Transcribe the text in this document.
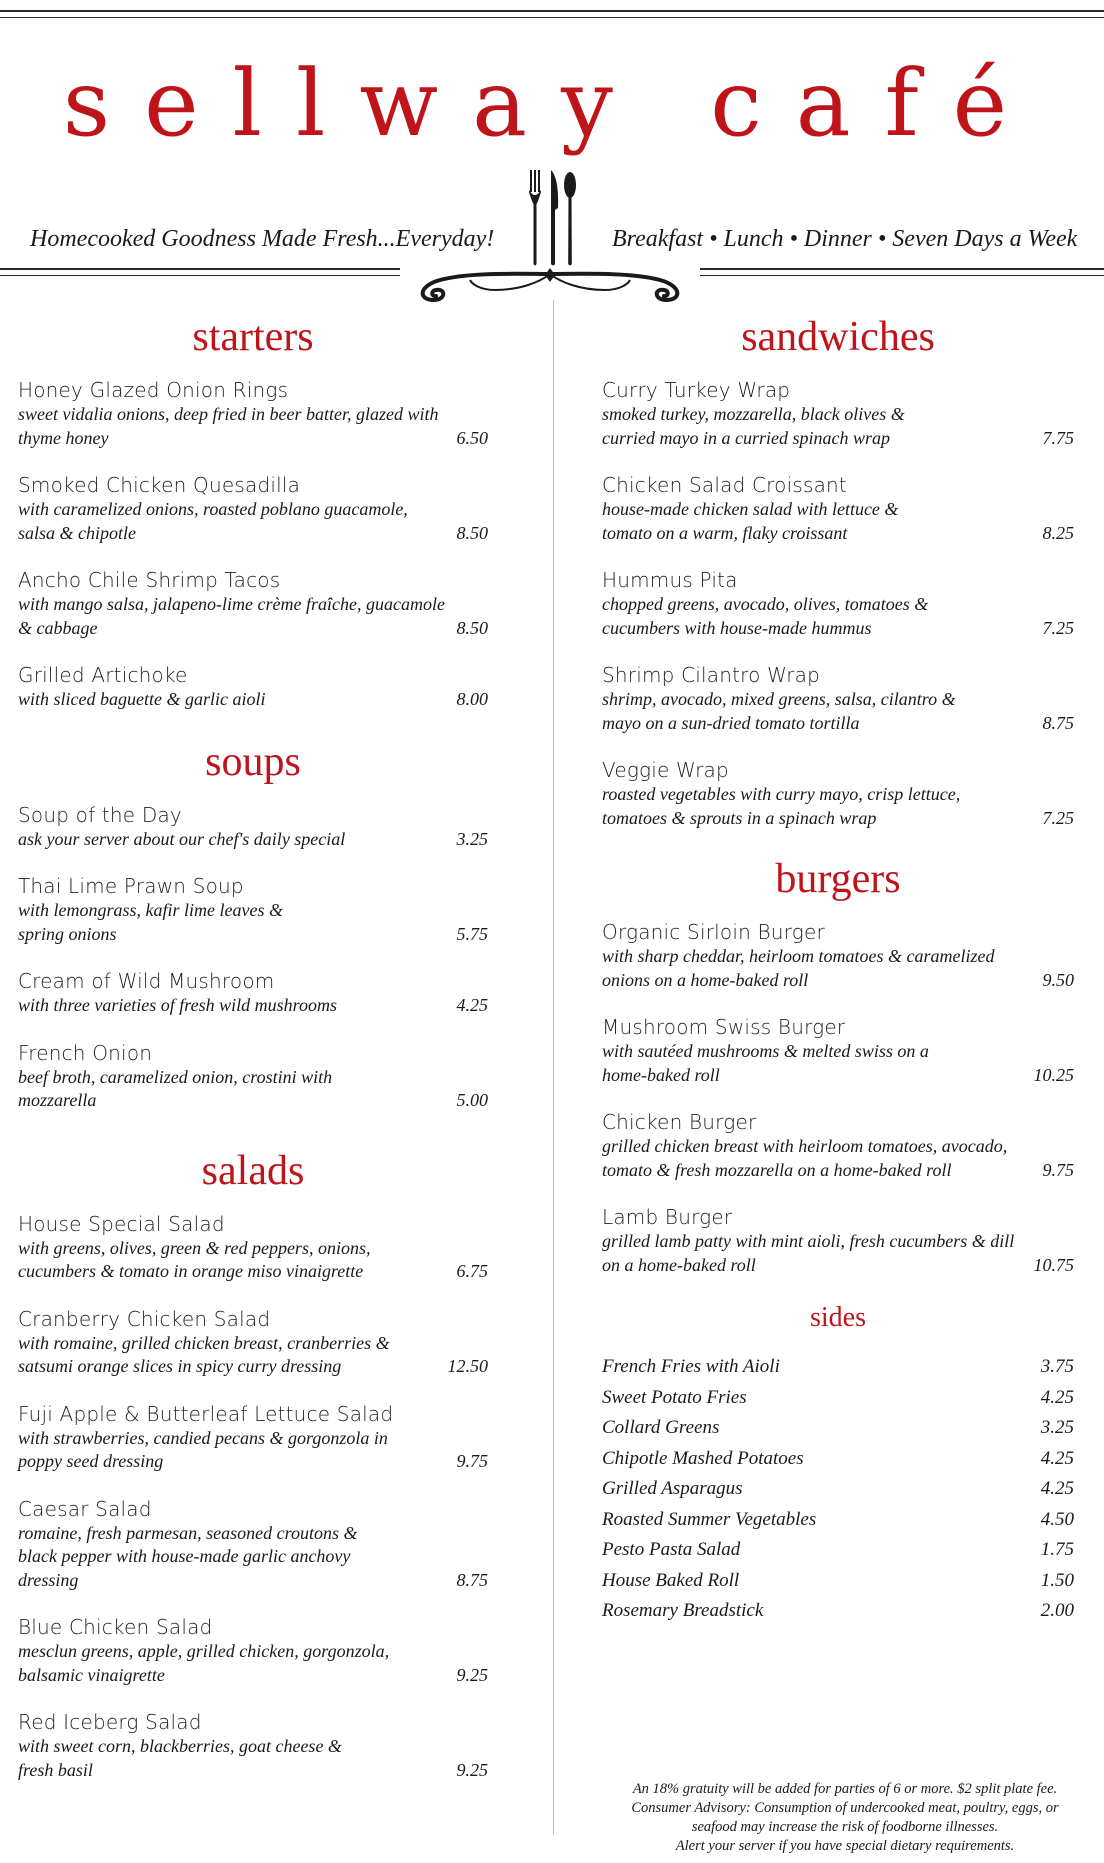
sellway café
Homecooked Goodness Made Fresh...Everyday!	Breakfast • Lunch • Dinner • Seven Days a Week
starters
Honey Glazed Onion Rings
sweet vidalia onions, deep fried in beer batter, glazed with thyme honey	6.50
Smoked Chicken Quesadilla
with caramelized onions, roasted poblano guacamole, salsa & chipotle	8.50
Ancho Chile Shrimp Tacos
with mango salsa, jalapeno-lime crème fraîche, guacamole & cabbage	8.50
Grilled Artichoke
with sliced baguette & garlic aioli	8.00
soups
Soup of the Day
ask your server about our chef's daily special	3.25
Thai Lime Prawn Soup
with lemongrass, kafir lime leaves & spring onions	5.75
Cream of Wild Mushroom
with three varieties of fresh wild mushrooms	4.25
French Onion
beef broth, caramelized onion, crostini with mozzarella	5.00
salads
House Special Salad
with greens, olives, green & red peppers, onions, cucumbers & tomato in orange miso vinaigrette	6.75
Cranberry Chicken Salad
with romaine, grilled chicken breast, cranberries & satsumi orange slices in spicy curry dressing	12.50
Fuji Apple & Butterleaf Lettuce Salad
with strawberries, candied pecans & gorgonzola in poppy seed dressing	9.75
Caesar Salad
romaine, fresh parmesan, seasoned croutons & black pepper with house-made garlic anchovy dressing	8.75
Blue Chicken Salad
mesclun greens, apple, grilled chicken, gorgonzola, balsamic vinaigrette	9.25
Red Iceberg Salad
with sweet corn, blackberries, goat cheese & fresh basil	9.25
sandwiches
Curry Turkey Wrap
smoked turkey, mozzarella, black olives & curried mayo in a curried spinach wrap	7.75
Chicken Salad Croissant
house-made chicken salad with lettuce & tomato on a warm, flaky croissant	8.25
Hummus Pita
chopped greens, avocado, olives, tomatoes & cucumbers with house-made hummus	7.25
Shrimp Cilantro Wrap
shrimp, avocado, mixed greens, salsa, cilantro & mayo on a sun-dried tomato tortilla	8.75
Veggie Wrap
roasted vegetables with curry mayo, crisp lettuce, tomatoes & sprouts in a spinach wrap	7.25
burgers
Organic Sirloin Burger
with sharp cheddar, heirloom tomatoes & caramelized onions on a home-baked roll	9.50
Mushroom Swiss Burger
with sautéed mushrooms & melted swiss on a home-baked roll	10.25
Chicken Burger
grilled chicken breast with heirloom tomatoes, avocado, tomato & fresh mozzarella on a home-baked roll	9.75
Lamb Burger
grilled lamb patty with mint aioli, fresh cucumbers & dill on a home-baked roll	10.75
sides
French Fries with Aioli	3.75
Sweet Potato Fries	4.25
Collard Greens	3.25
Chipotle Mashed Potatoes	4.25
Grilled Asparagus	4.25
Roasted Summer Vegetables	4.50
Pesto Pasta Salad	1.75
House Baked Roll	1.50
Rosemary Breadstick	2.00
An 18% gratuity will be added for parties of 6 or more. $2 split plate fee.
Consumer Advisory: Consumption of undercooked meat, poultry, eggs, or
seafood may increase the risk of foodborne illnesses.
Alert your server if you have special dietary requirements.
